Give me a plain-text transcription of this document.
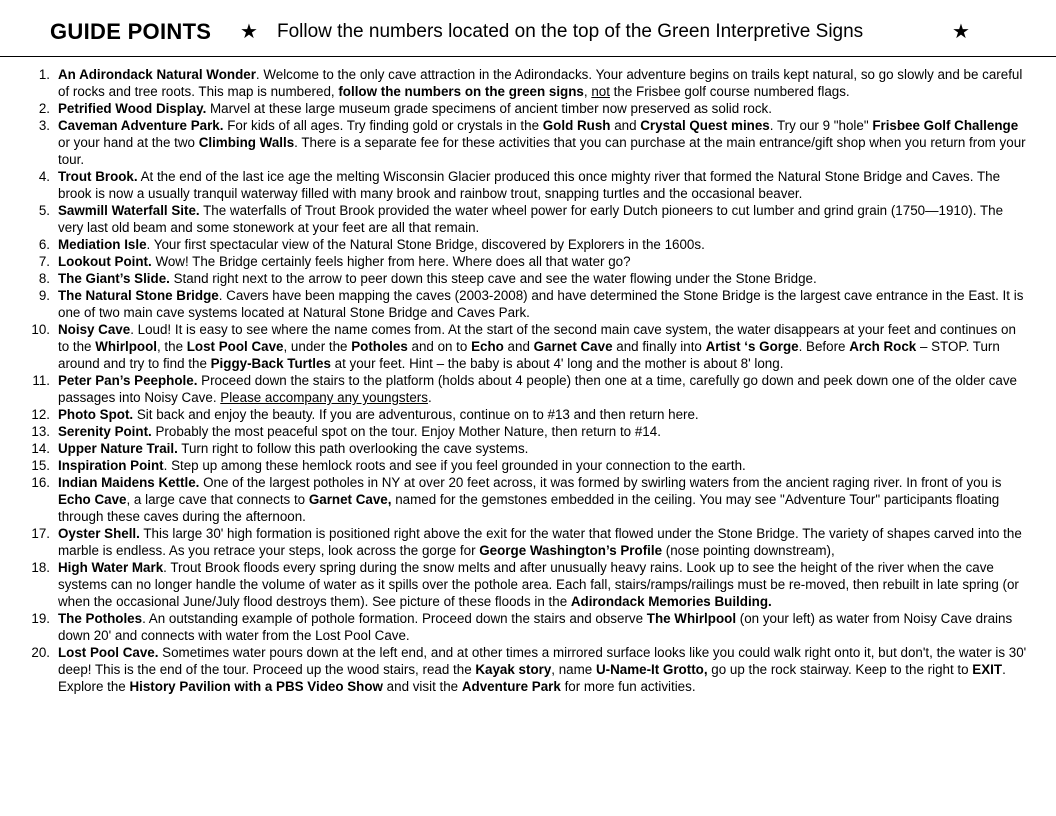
GUIDE POINTS ★ Follow the numbers located on the top of the Green Interpretive Signs	★
1. An Adirondack Natural Wonder. Welcome to the only cave attraction in the Adirondacks. Your adventure begins on trails kept natural, so go slowly and be careful of rocks and tree roots. This map is numbered, follow the numbers on the green signs, not the Frisbee golf course numbered flags.
2. Petrified Wood Display. Marvel at these large museum grade specimens of ancient timber now preserved as solid rock.
3. Caveman Adventure Park. For kids of all ages. Try finding gold or crystals in the Gold Rush and Crystal Quest mines. Try our 9 "hole" Frisbee Golf Challenge or your hand at the two Climbing Walls. There is a separate fee for these activities that you can purchase at the main entrance/gift shop when you return from your tour.
4. Trout Brook. At the end of the last ice age the melting Wisconsin Glacier produced this once mighty river that formed the Natural Stone Bridge and Caves. The brook is now a usually tranquil waterway filled with many brook and rainbow trout, snapping turtles and the occasional beaver.
5. Sawmill Waterfall Site. The waterfalls of Trout Brook provided the water wheel power for early Dutch pioneers to cut lumber and grind grain (1750—1910). The very last old beam and some stonework at your feet are all that remain.
6. Mediation Isle. Your first spectacular view of the Natural Stone Bridge, discovered by Explorers in the 1600s.
7. Lookout Point. Wow! The Bridge certainly feels higher from here. Where does all that water go?
8. The Giant’s Slide. Stand right next to the arrow to peer down this steep cave and see the water flowing under the Stone Bridge.
9. The Natural Stone Bridge. Cavers have been mapping the caves (2003-2008) and have determined the Stone Bridge is the largest cave entrance in the East. It is one of two main cave systems located at Natural Stone Bridge and Caves Park.
10. Noisy Cave. Loud! It is easy to see where the name comes from. At the start of the second main cave system, the water disappears at your feet and continues on to the Whirlpool, the Lost Pool Cave, under the Potholes and on to Echo and Garnet Cave and finally into Artist ‘s Gorge. Before Arch Rock – STOP. Turn around and try to find the Piggy-Back Turtles at your feet. Hint – the baby is about 4' long and the mother is about 8' long.
11. Peter Pan’s Peephole. Proceed down the stairs to the platform (holds about 4 people) then one at a time, carefully go down and peek down one of the older cave passages into Noisy Cave. Please accompany any youngsters.
12. Photo Spot. Sit back and enjoy the beauty. If you are adventurous, continue on to #13 and then return here.
13. Serenity Point. Probably the most peaceful spot on the tour. Enjoy Mother Nature, then return to #14.
14. Upper Nature Trail. Turn right to follow this path overlooking the cave systems.
15. Inspiration Point. Step up among these hemlock roots and see if you feel grounded in your connection to the earth.
16. Indian Maidens Kettle. One of the largest potholes in NY at over 20 feet across, it was formed by swirling waters from the ancient raging river. In front of you is Echo Cave, a large cave that connects to Garnet Cave, named for the gemstones embedded in the ceiling. You may see "Adventure Tour" participants floating through these caves during the afternoon.
17. Oyster Shell. This large 30' high formation is positioned right above the exit for the water that flowed under the Stone Bridge. The variety of shapes carved into the marble is endless. As you retrace your steps, look across the gorge for George Washington’s Profile (nose pointing downstream),
18. High Water Mark. Trout Brook floods every spring during the snow melts and after unusually heavy rains. Look up to see the height of the river when the cave systems can no longer handle the volume of water as it spills over the pothole area. Each fall, stairs/ramps/railings must be re-moved, then rebuilt in late spring (or when the occasional June/July flood destroys them). See picture of these floods in the Adirondack Memories Building.
19. The Potholes. An outstanding example of pothole formation. Proceed down the stairs and observe The Whirlpool (on your left) as water from Noisy Cave drains down 20' and connects with water from the Lost Pool Cave.
20. Lost Pool Cave. Sometimes water pours down at the left end, and at other times a mirrored surface looks like you could walk right onto it, but don't, the water is 30' deep! This is the end of the tour. Proceed up the wood stairs, read the Kayak story, name U-Name-It Grotto, go up the rock stairway. Keep to the right to EXIT. Explore the History Pavilion with a PBS Video Show and visit the Adventure Park for more fun activities.
